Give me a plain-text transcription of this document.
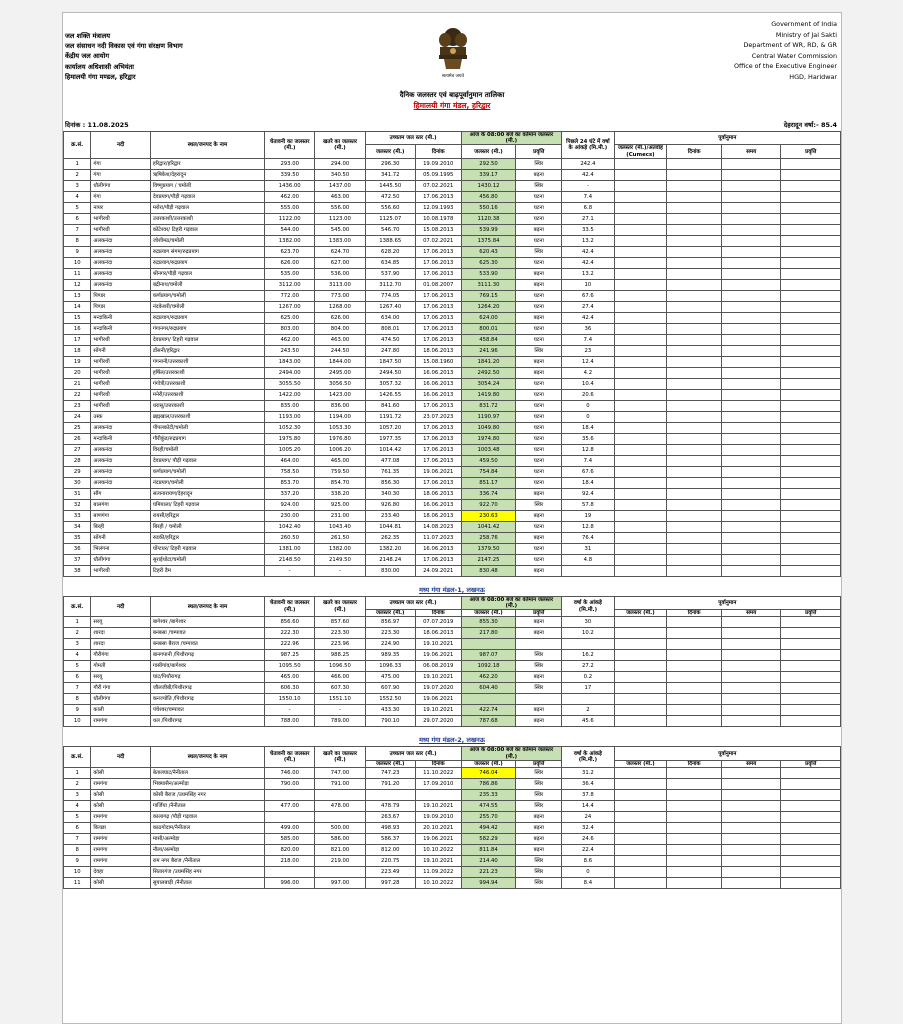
जल शक्ति मंत्रालय
जल संसाधन नदी विकास एवं गंगा संरक्षण विभाग
केंद्रीय जल आयोग
कार्यालय अधिशासी अभियंता
हिमालयी गंगा मण्डल, हरिद्वार	सत्यमेव जयते
Government of India
Ministry of Jal Sakti
Department of WR, RD, & GR
Central Water Commission
Office of the Executive Engineer
HGD, Haridwar
दैनिक जलस्तर एवं बाढ़पूर्वानुमान तालिका
हिमालयी गंगा मंडल, हरिद्वार
दिनांक : 11.08.2025	देहरादून वर्षा:- 85.4
क्र.सं.	नदी	स्थल/जनपद के नाम	चेतावनी का जलस्तर (मी.)	खतरे का जलस्तर (मी.)	उच्चतम जल स्तर (मी.)		आज के 08:00 बजे का वर्तमान जलस्तर (मी.)		पिछले 24 घंटे में वर्षा के आंकड़े (मि.मी.)	पूर्वानुमान			
					जलस्तर (मी.)	दिनांक	जलस्तर (मी.)	प्रवृत्ति		जलस्तर (मी.)/अंतर्वाह (Cumecs)	दिनांक	समय	प्रवृत्ति
1	गंगा	हरिद्वार/हरिद्वार	293.00	294.00	296.30	19.09.2010	292.50	स्थिर	242.4				
2	गंगा	ऋषिकेश/देहरादून	339.50	340.50	341.72	05.09.1995	339.17	बढ़ना	42.4				
3	धौलीगंगा	विष्णुप्रयाग / चमोली	1436.00	1437.00	1445.50	07.02.2021	1430.12	स्थिर	-				
4	गंगा	देवप्रयाग/पौड़ी गढ़वाल	462.00	463.00	472.50	17.06.2013	456.80	घटना	7.4				
5	नायर	मरोरा/पौड़ी गढ़वाल	555.00	556.00	556.60	12.09.1993	550.16	घटना	6.8				
6	भागीरथी	उत्तरकाशी/उत्तरकाशी	1122.00	1123.00	1125.07	10.08.1978	1120.38	घटना	27.1				
7	भागीरथी	कोटेश्वर/ टिहरी गढ़वाल	544.00	545.00	546.70	15.08.2013	539.99	बढ़ना	33.5				
8	अलकनंदा	जोशीमठ/चमोली	1382.00	1383.00	1388.65	07.02.2021	1375.84	घटना	13.2				
9	अलकनंदा	रुद्रप्रयाग संगम/रुद्रप्रयाग	623.70	624.70	628.20	17.06.2013	620.43	स्थिर	42.4				
10	अलकनंदा	रुद्रप्रयाग/रुद्रप्रयाग	626.00	627.00	634.85	17.06.2013	625.30	घटना	42.4				
11	अलकनंदा	श्रीनगर/पौड़ी गढ़वाल	535.00	536.00	537.90	17.06.2013	533.90	बढ़ना	13.2				
12	अलकनंदा	बद्रीनाथ/चमोली	3112.00	3113.00	3112.70	01.08.2007	3111.30	बढ़ना	10				
13	पिण्डर	कर्णप्रयाग/चमोली	772.00	773.00	774.05	17.06.2013	769.15	घटना	67.6				
14	पिण्डर	नंदकेशरी/चमोली	1267.00	1268.00	1267.40	17.06.2013	1264.20	घटना	27.4				
15	मन्दाकिनी	रुद्रप्रयाग/रुद्रप्रयाग	625.00	626.00	634.00	17.06.2013	624.00	बढ़ना	42.4				
16	मन्दाकिनी	गंगानगर/रुद्रप्रयाग	803.00	804.00	808.01	17.06.2013	800.01	घटना	36				
17	भागीरथी	देवप्रयाग/ टिहरी गढ़वाल	462.00	463.00	474.50	17.06.2013	458.84	घटना	7.4				
18	सोंगनी	डोंसनी/हरिद्वार	243.50	244.50	247.80	18.06.2013	241.96	स्थिर	23				
19	भागीरथी	गंगनानी/उत्तरकाशी	1843.00	1844.00	1847.50	15.08.1960	1841.20	बढ़ना	12.4				
20	भागीरथी	हर्षिल/उत्तरकाशी	2494.00	2495.00	2494.50	16.06.2013	2492.50	बढ़ना	4.2				
21	भागीरथी	गंगोत्री/उत्तरकाशी	3055.50	3056.50	3057.32	16.06.2013	3054.24	घटना	10.4				
22	भागीरथी	मनेरी/उत्तरकाशी	1422.00	1423.00	1426.55	16.06.2013	1419.80	घटना	20.6				
23	भागीरथी	धरासू/उत्तरकाशी	835.00	836.00	841.60	17.06.2013	831.72	घटना	0				
24	उस्क	ब्रह्मखाल/उत्तरकाशी	1193.00	1194.00	1191.72	23.07.2023	1190.97	घटना	0				
25	अलकनंदा	पीपलकोटी/चमोली	1052.30	1053.30	1057.20	17.06.2013	1049.80	घटना	18.4				
26	मन्दाकिनी	गौरीकुंड/रुद्रप्रयाग	1975.80	1976.80	1977.35	17.06.2013	1974.80	घटना	35.6				
27	अलकनंदा	विरही/चमोली	1005.20	1006.20	1014.42	17.06.2013	1003.48	घटना	12.8				
28	अलकनंदा	देवप्रयाग/ पौड़ी गढ़वाल	464.00	465.00	477.08	17.06.2013	459.50	घटना	7.4				
29	अलकनंदा	कर्णप्रयाग/चमोली	758.50	759.50	761.35	19.06.2021	754.84	घटना	67.6				
30	अलकनंदा	नंदप्रयाग/चमोली	853.70	854.70	856.30	17.06.2013	851.17	घटना	18.4				
31	सौंग	सत्यनारायण/देहरादून	337.20	338.20	340.30	18.06.2013	336.74	बढ़ना	92.4				
32	बालगंगा	घमियाला/ टिहरी गढ़वाल	924.00	925.00	926.80	16.06.2013	922.70	स्थिर	57.8				
33	बाणगंगा	रायसी/हरिद्वार	230.00	231.00	233.40	18.06.2013	230.63	बढ़ना	19				
34	बिरही	बिरही / चमोली	1042.40	1043.40	1044.81	14.08.2023	1041.42	घटना	12.8				
35	सोंगनी	रुडकी/हरिद्वार	260.50	261.50	262.35	11.07.2023	258.76	बढ़ना	76.4				
36	भिलंगना	घोंग्टधर/ टिहरी गढ़वाल	1381.00	1382.00	1382.20	16.06.2013	1379.50	घटना	31				
37	धौलीगंगा	सुराईथोटा/चमोली	2148.50	2149.50	2148.24	17.06.2013	2147.25	घटना	4.8				
38	भागीरथी	टिहरी डैम	-	-	830.00	24.09.2021	830.48	बढ़ना					
मध्य गंगा मंडल-1, लखनऊ
क्र.सं.	नदी	स्थल/जनपद के नाम	चेतावनी का जलस्तर (मी.)	खतरे का जलस्तर (मी.)	उच्चतम जल स्तर (मी.)		आज के 08:00 बजे का वर्तमान जलस्तर (मी.)		वर्षा के आंकड़े (मि.मी.)	पूर्वानुमान			
					जलस्तर (मी.)	दिनांक	जलस्तर (मी.)	प्रवृत्ति		जलस्तर (मी.)	दिनांक	समय	प्रवृत्ति
1	सरयू	बागेश्वर /बागेश्वर	856.60	857.60	856.97	07.07.2019	855.30	बढ़ना	30				
2	शारदा	बनबसा /चम्पावत	222.30	223.30	223.30	18.06.2013	217.80	बढ़ना	10.2				
3	शारदा	बनबसा बैराज /चम्पावत	222.96	223.96	224.90	19.10.2021							
4	गौरीगंगा	बानगपानी /पिथौरागढ़	987.25	988.25	989.35	19.06.2021	987.07	स्थिर	16.2				
5	गोमती	गासीगांव/बागेश्वर	1095.50	1096.50	1096.33	06.08.2019	1092.18	स्थिर	27.2				
6	सरयू	घाट/पिथौरागढ़	465.00	466.00	475.00	19.10.2021	462.20	बढ़ना	0.2				
7	गौरी गंगा	जौलजीबी/पिथौरागढ़	606.30	607.30	607.90	19.07.2020	604.40	स्थिर	17				
8	धौलीगंगा	कनज्योति /पिथौरागढ़	1550.10	1551.10	1552.50	19.06.2021							
9	काली	पंचेश्वर/चम्पावत	-	-	433.30	19.10.2021	422.74	बढ़ना	2				
10	रामगंगा	थल /पिथौरागढ़	788.00	789.00	790.10	29.07.2020	787.68	बढ़ना	45.6				
मध्य गंगा मंडल-2, लखनऊ
क्र.सं.	नदी	स्थल/जनपद के नाम	चेतावनी का जलस्तर (मी.)	खतरे का जलस्तर (मी.)	उच्चतम जल स्तर (मी.)		आज के 08:00 बजे का वर्तमान जलस्तर (मी.)		वर्षा के आंकड़े (मि.मी.)	पूर्वानुमान			
					जलस्तर (मी.)	दिनांक	जलस्तर (मी.)	प्रवृत्ति		जलस्तर (मी.)	दिनांक	समय	प्रवृत्ति
1	कोसी	बेतालघाट/नैनीताल	746.00	747.00	747.23	11.10.2022	746.04	स्थिर	31.2				
2	रामगंगा	भिक्यासैन/अल्मोड़ा	790.00	791.00	791.20	17.09.2010	786.86	स्थिर	36.4				
3	कोसी	कोसी बैराज /उधमसिंह नगर					235.33	स्थिर	37.8				
4	कोसी	गार्जिया /नैनीताल	477.00	478.00	478.79	19.10.2021	474.55	स्थिर	14.4				
5	रामगंगा	कालागढ़ /पौड़ी गढ़वाल			263.67	19.09.2010	255.70	बढ़ना	24				
6	किच्छा	काठगोदाम/नैनीताल	499.00	500.00	498.93	20.10.2021	494.42	बढ़ना	32.4				
7	रामगंगा	मासी/अल्मोड़ा	585.00	586.00	586.37	19.06.2021	582.29	बढ़ना	24.6				
8	रामगंगा	नौला/अल्मोड़ा	820.00	821.00	812.00	10.10.2022	811.84	बढ़ना	22.4				
9	रामगंगा	राम नगर बैराज /नैनीताल	218.00	219.00	220.75	19.10.2021	214.40	स्थिर	8.6				
10	देवहा	सितारगंज /उधमसिंह नगर			223.49	11.09.2022	221.23	स्थिर	0				
11	कोसी	सुयालबाड़ी /नैनीताल	996.00	997.00	997.28	10.10.2022	994.94	स्थिर	8.4				
